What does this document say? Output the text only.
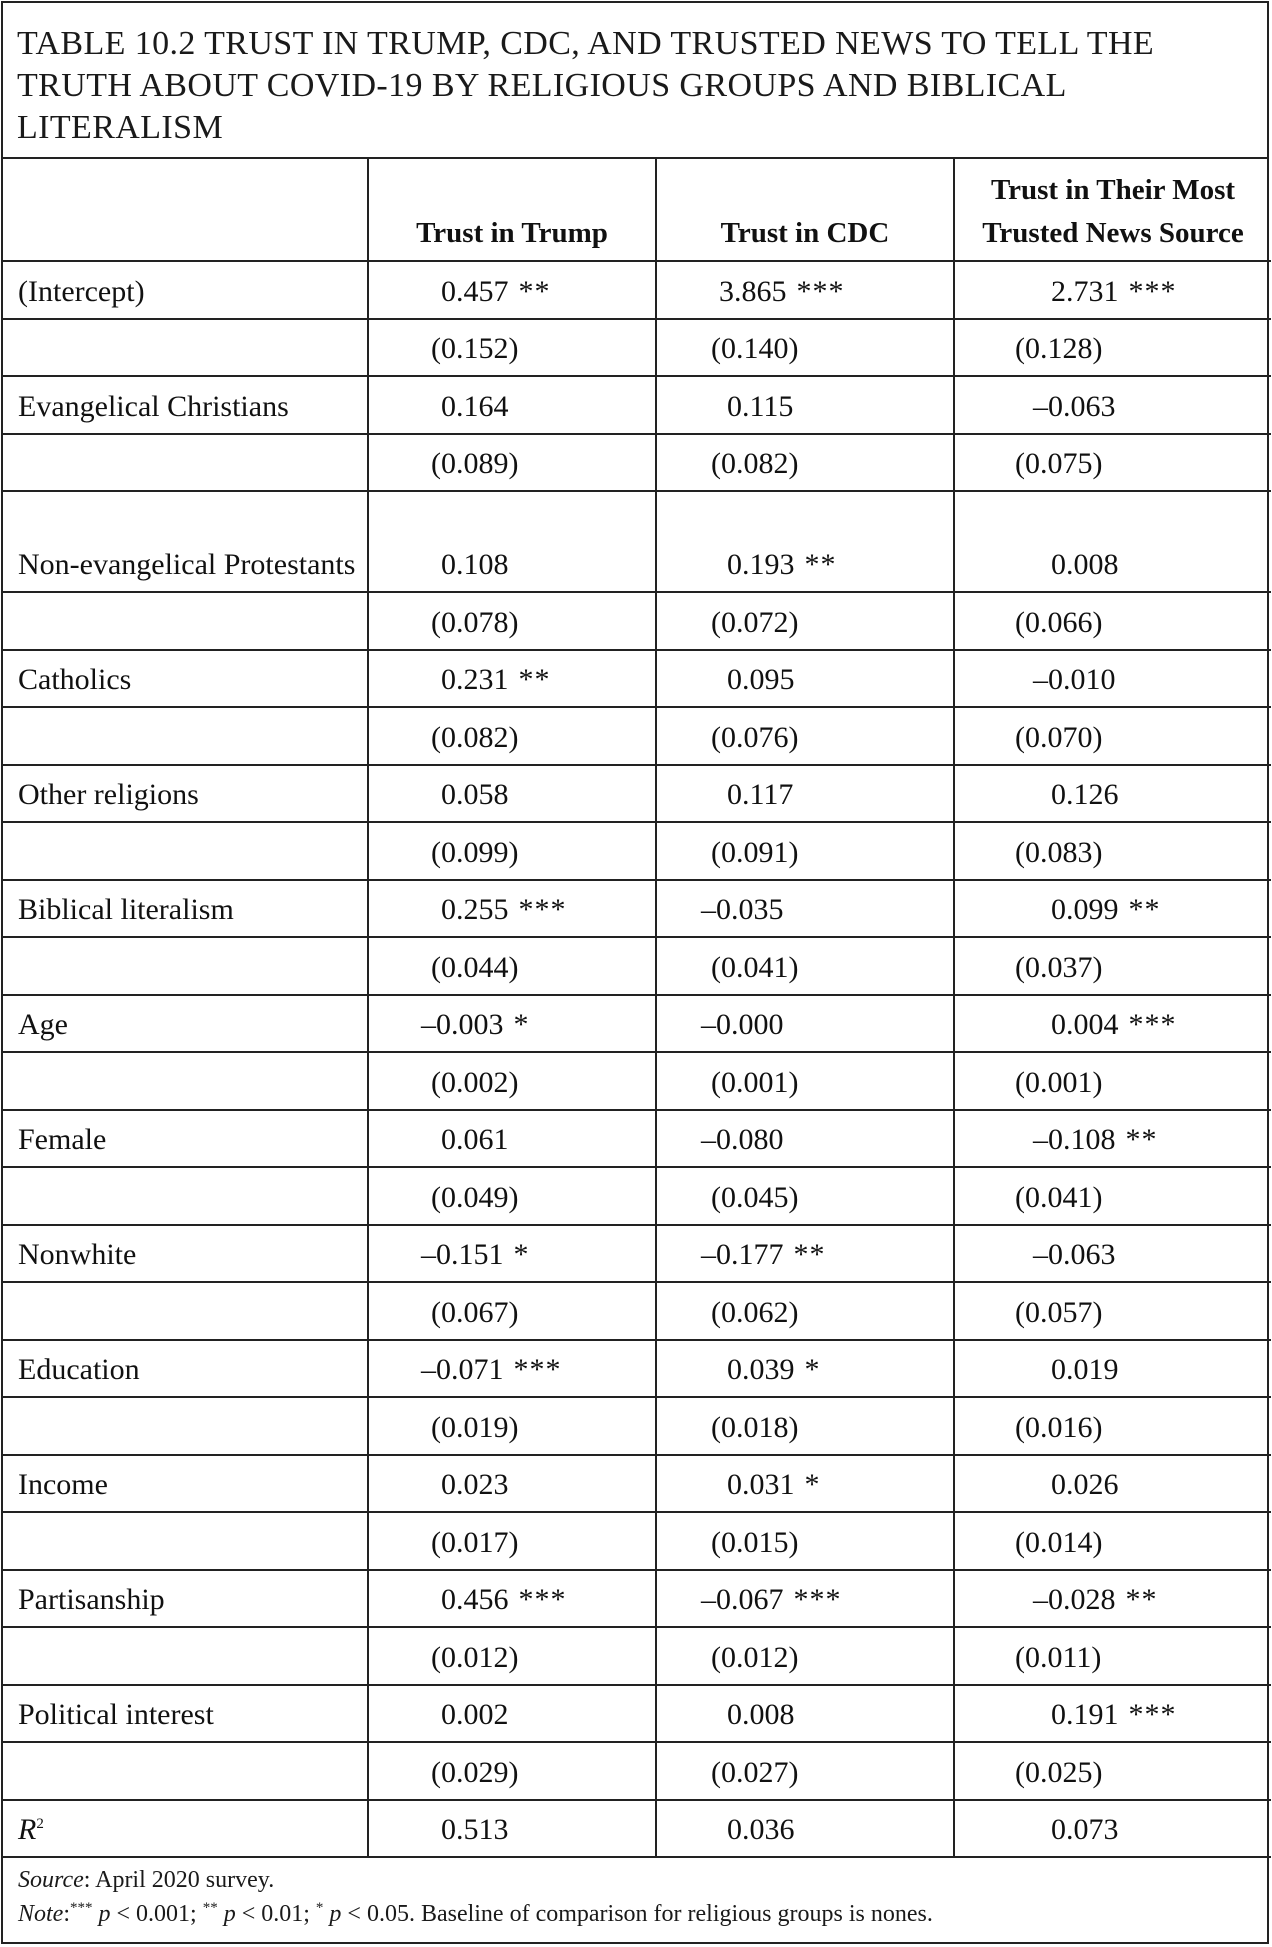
TABLE 10.2 TRUST IN TRUMP, CDC, AND TRUSTED NEWS TO TELL THE TRUTH ABOUT COVID-19 BY RELIGIOUS GROUPS AND BIBLICAL LITERALISM
	Trust in Trump	Trust in CDC	Trust in Their Most Trusted News Source
(Intercept)	0.457 **	3.865 ***	2.731 ***
	(0.152)	(0.140)	(0.128)
Evangelical Christians	0.164	0.115	–0.063
	(0.089)	(0.082)	(0.075)
Non-evangelical Protestants	0.108	0.193 **	0.008
	(0.078)	(0.072)	(0.066)
Catholics	0.231 **	0.095	–0.010
	(0.082)	(0.076)	(0.070)
Other religions	0.058	0.117	0.126
	(0.099)	(0.091)	(0.083)
Biblical literalism	0.255 ***	–0.035	0.099 **
	(0.044)	(0.041)	(0.037)
Age	–0.003 *	–0.000	0.004 ***
	(0.002)	(0.001)	(0.001)
Female	0.061	–0.080	–0.108 **
	(0.049)	(0.045)	(0.041)
Nonwhite	–0.151 *	–0.177 **	–0.063
	(0.067)	(0.062)	(0.057)
Education	–0.071 ***	0.039 *	0.019
	(0.019)	(0.018)	(0.016)
Income	0.023	0.031 *	0.026
	(0.017)	(0.015)	(0.014)
Partisanship	0.456 ***	–0.067 ***	–0.028 **
	(0.012)	(0.012)	(0.011)
Political interest	0.002	0.008	0.191 ***
	(0.029)	(0.027)	(0.025)
$R^2$	0.513	0.036	0.073
Source: April 2020 survey.
Note:*** p < 0.001; ** p < 0.01; * p < 0.05. Baseline of comparison for religious groups is nones.
